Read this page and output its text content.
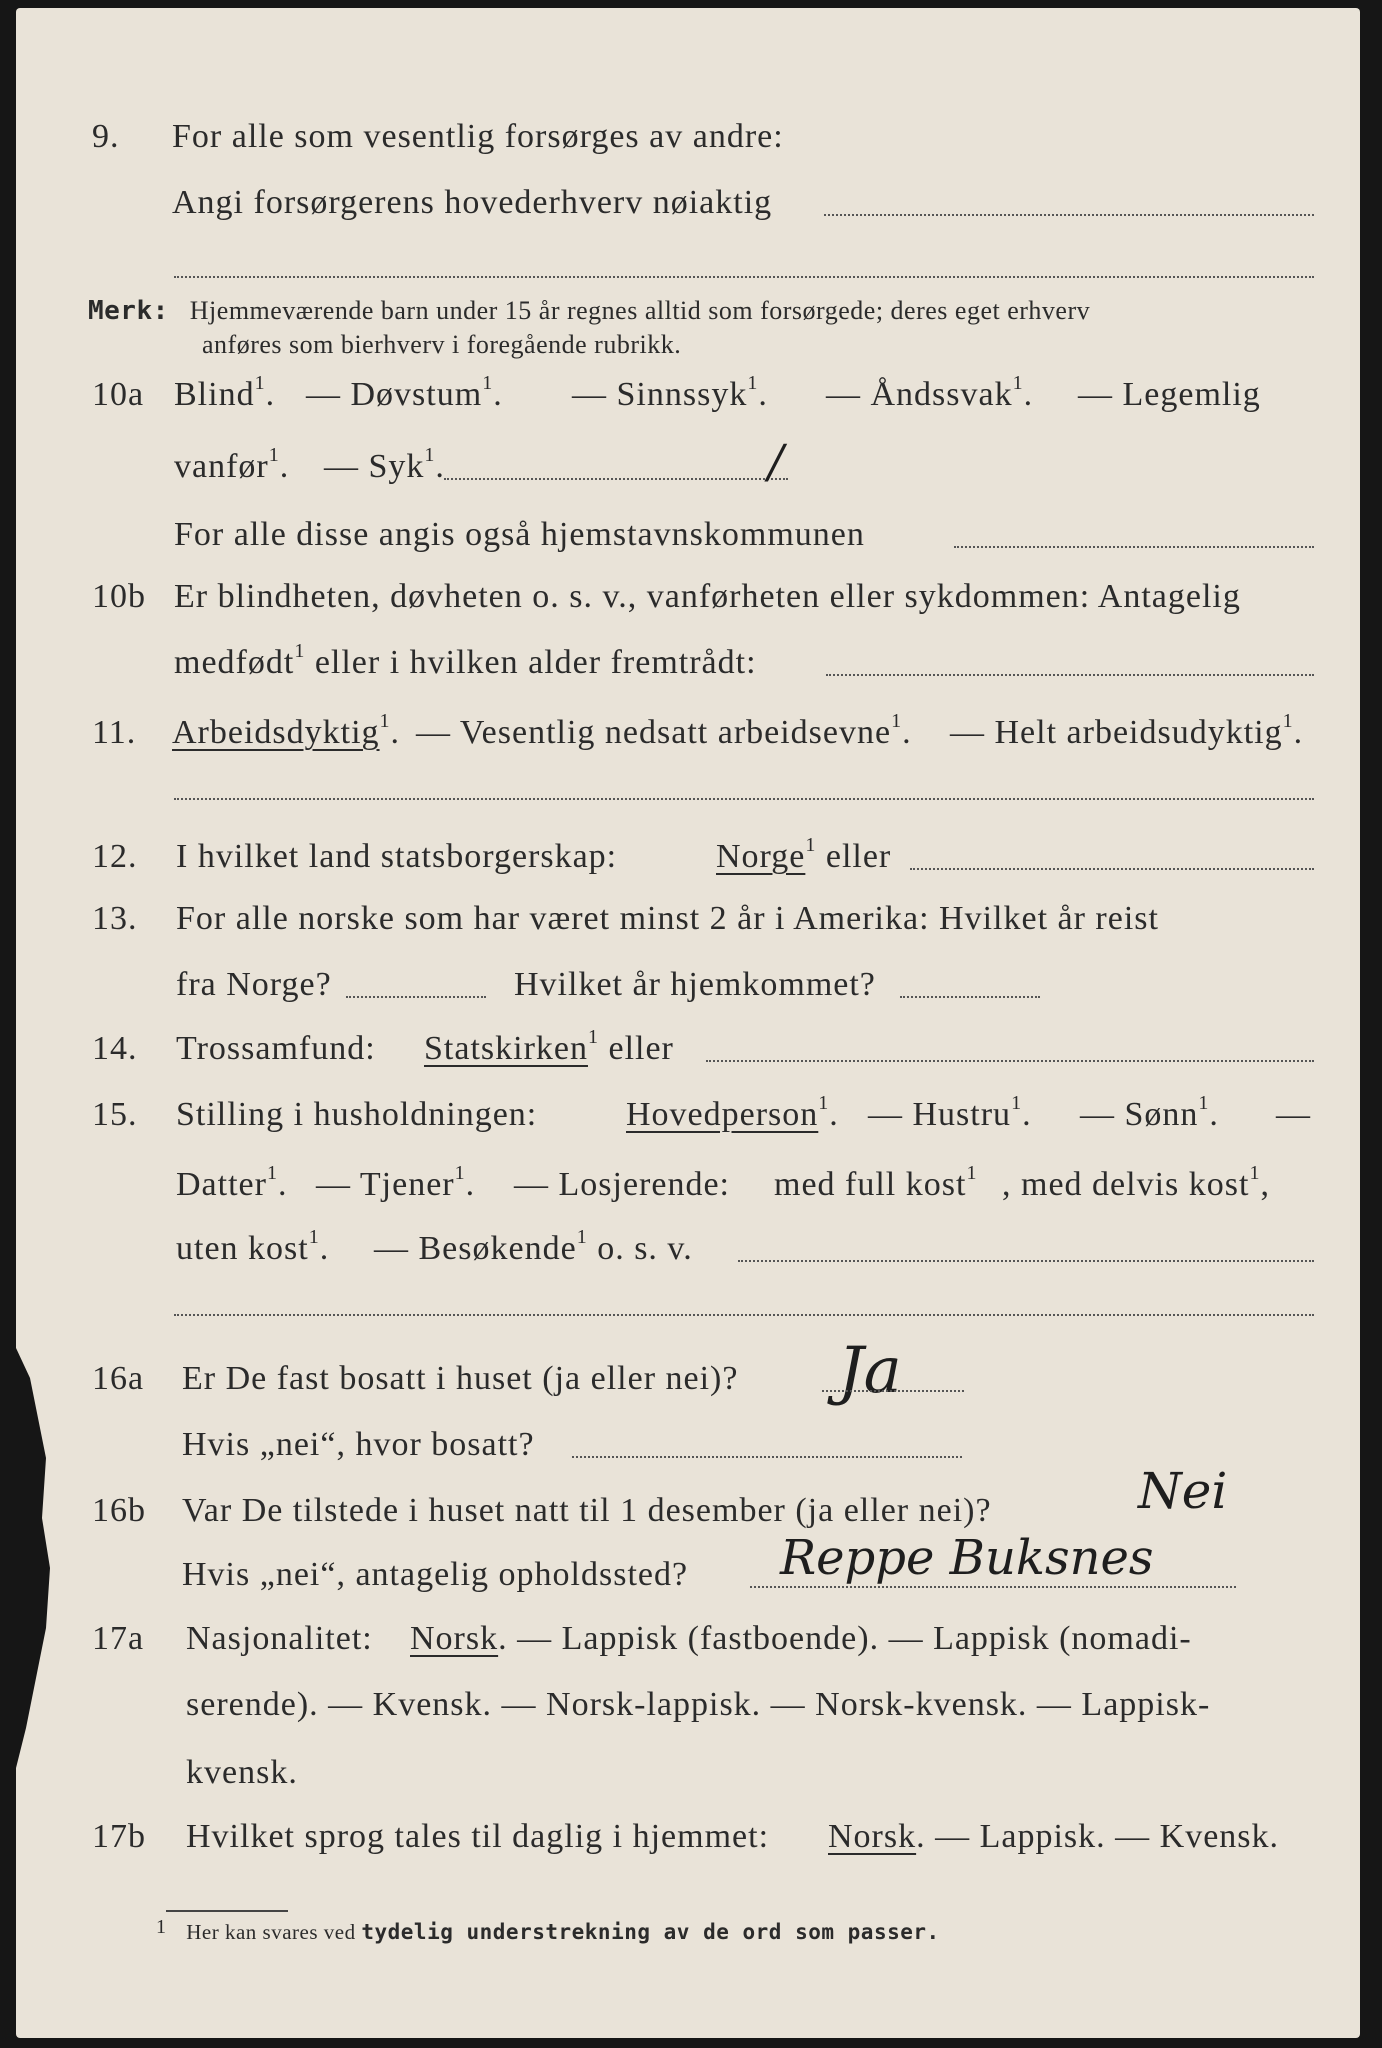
9. For alle som vesentlig forsørges av andre:
Angi forsørgerens hovederhverv nøiaktig
Merk: Hjemmeværende barn under 15 år regnes alltid som forsørgede; deres eget erhverv
anføres som bierhverv i foregående rubrikk.
10a Blind$^1$. — Døvstum$^1$. — Sinnssyk$^1$. — Åndssvak$^1$. — Legemlig
vanfør$^1$. — Syk$^1$.	/
For alle disse angis også hjemstavnskommunen
10b Er blindheten, døvheten o. s. v., vanførheten eller sykdommen: Antagelig
medfødt$^1$ eller i hvilken alder fremtrådt:
11. Arbeidsdyktig$^1$. — Vesentlig nedsatt arbeidsevne$^1$. — Helt arbeidsudyktig$^1$.
12. I hvilket land statsborgerskap:	Norge$^1$ eller
13. For alle norske som har været minst 2 år i Amerika: Hvilket år reist
fra Norge?	Hvilket år hjemkommet?
14. Trossamfund: Statskirken$^1$ eller
15. Stilling i husholdningen:	Hovedperson$^1$. — Hustru$^1$. — Sønn$^1$. —
Datter$^1$. — Tjener$^1$. — Losjerende: med full kost$^1$ , med delvis kost$^1$,
uten kost$^1$. — Besøkende$^1$ o. s. v.
16a Er De fast bosatt i huset (ja eller nei)? Ja
Hvis „nei“, hvor bosatt?
16b Var De tilstede i huset natt til 1 desember (ja eller nei)?	Nei
Hvis „nei“, antagelig opholdssted? Reppe Buksnes
17a Nasjonalitet: Norsk. — Lappisk (fastboende). — Lappisk (nomadi-
serende). — Kvensk. — Norsk-lappisk. — Norsk-kvensk. — Lappisk-
kvensk.
17b Hvilket sprog tales til daglig i hjemmet: Norsk. — Lappisk. — Kvensk.
$^1$ Her kan svares ved tydelig understrekning av de ord som passer.
